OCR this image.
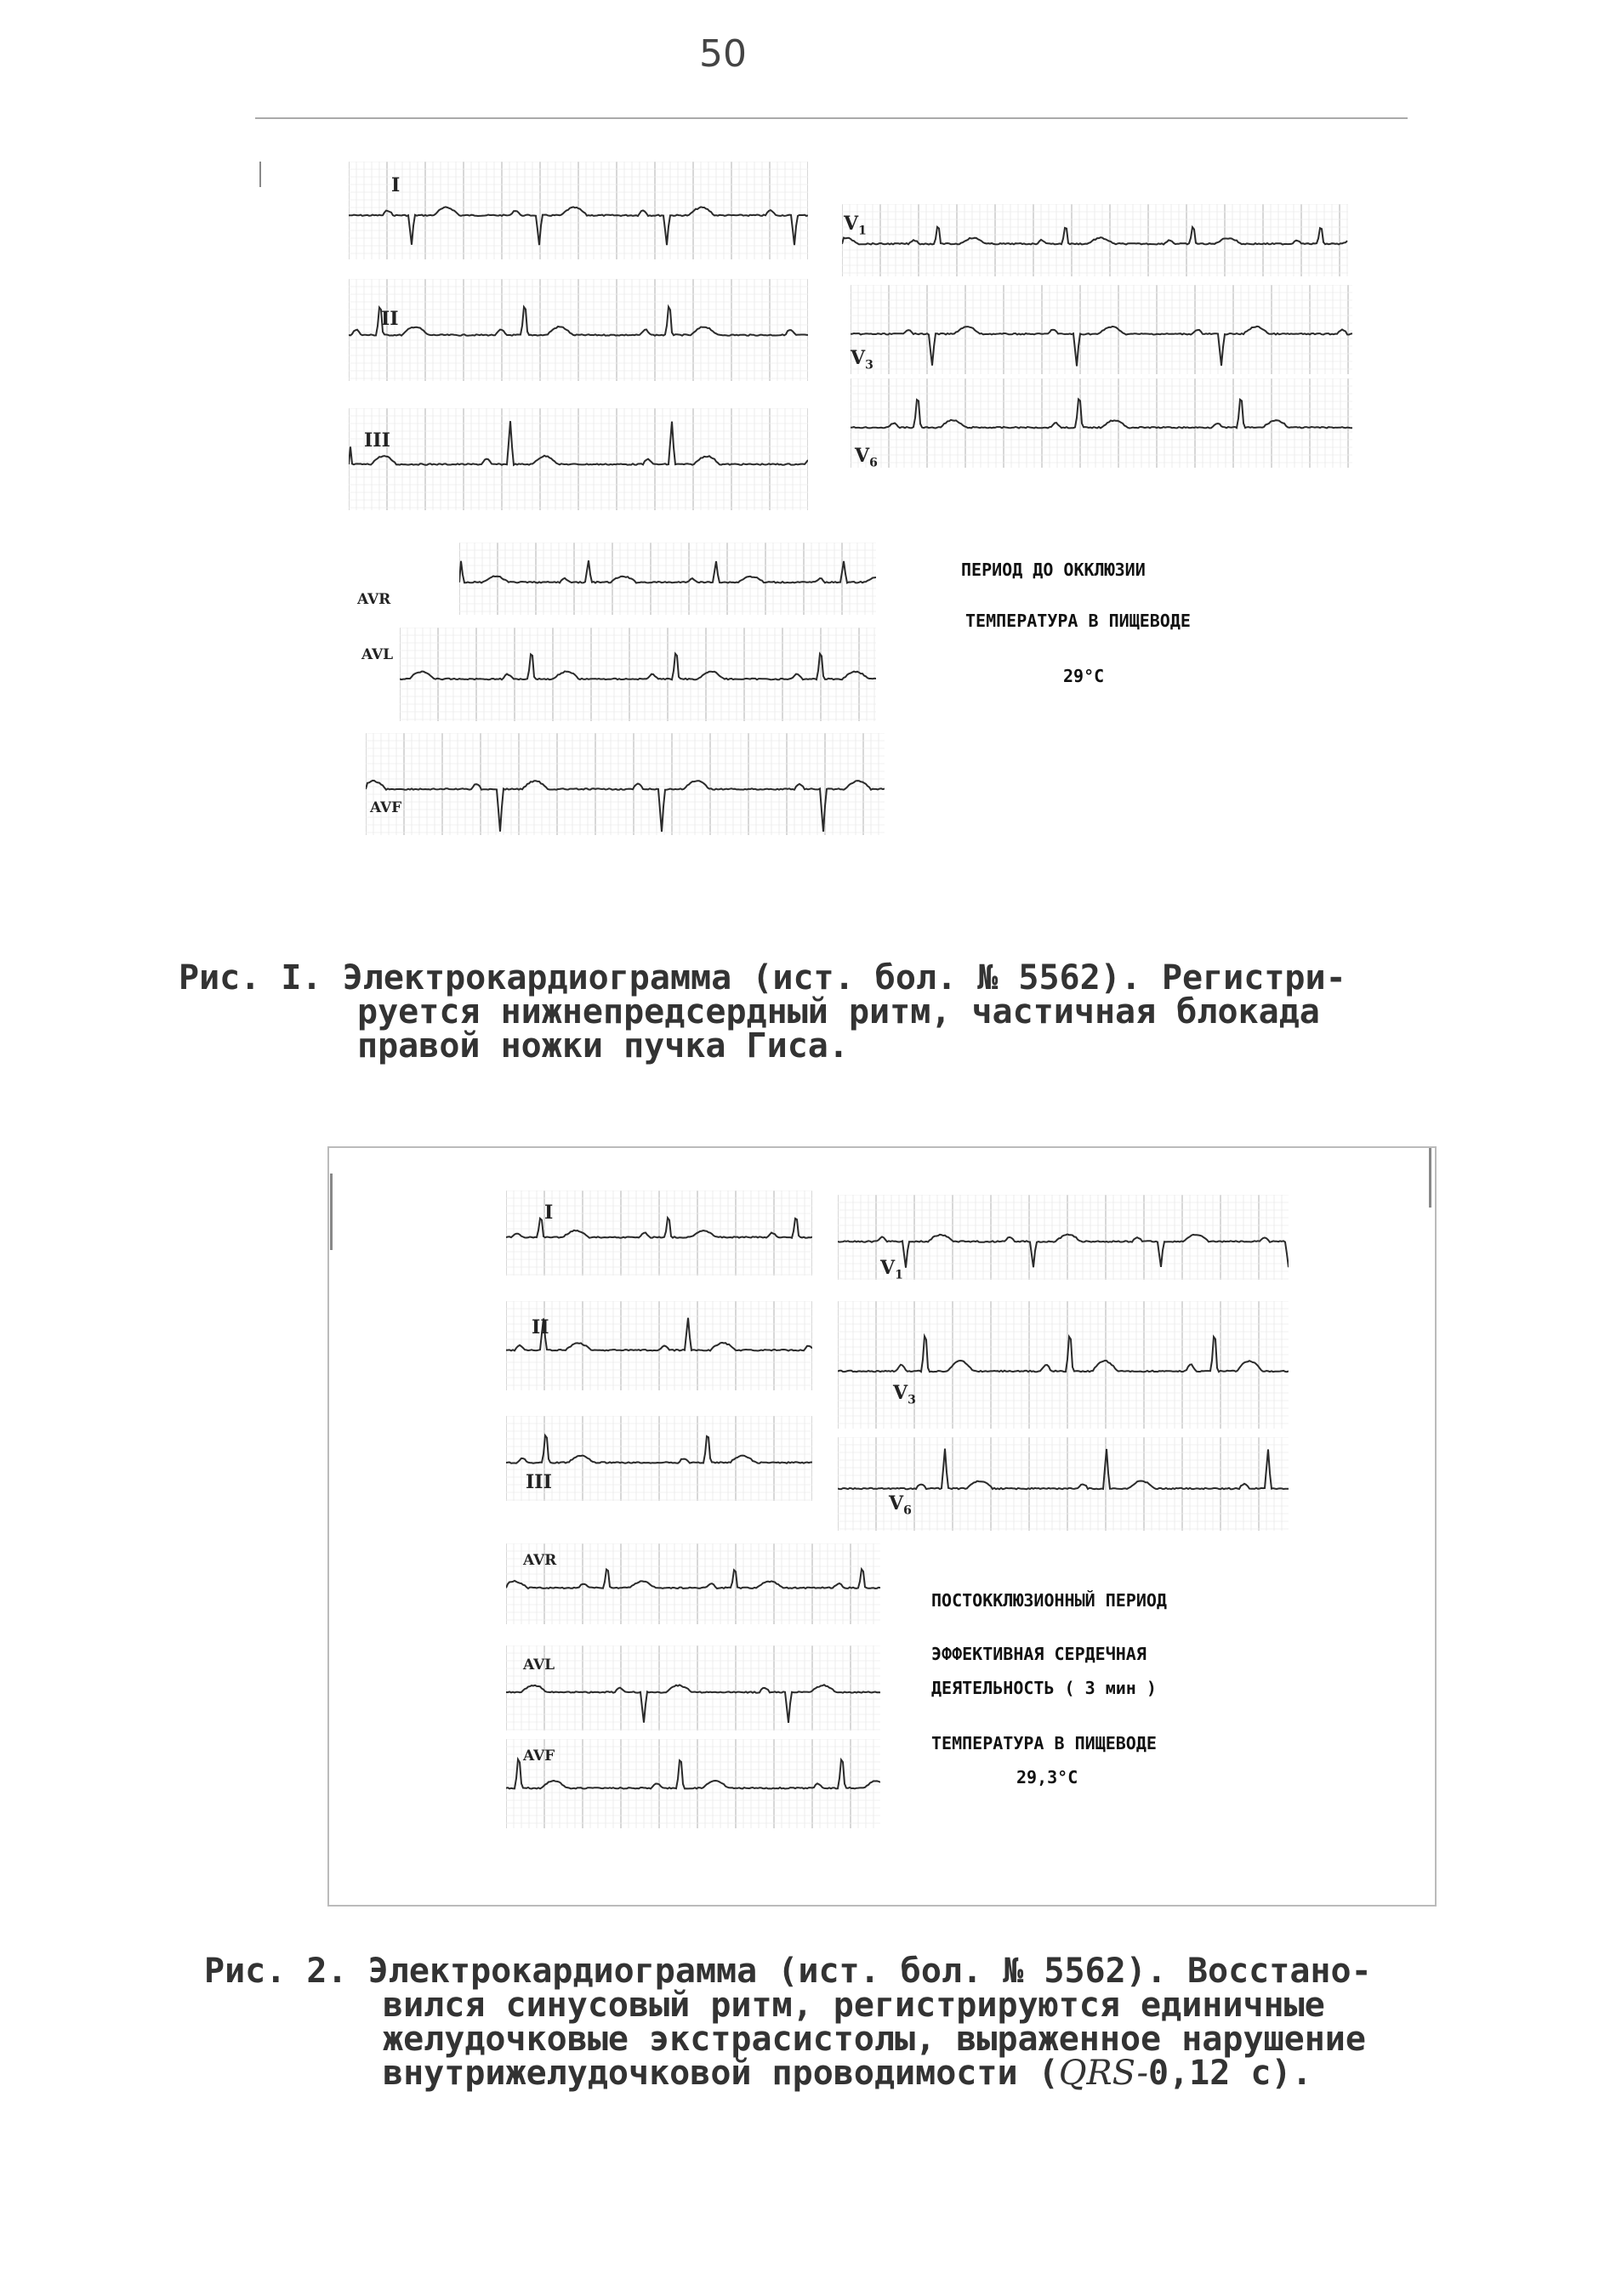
50
I
II
III
$V_1$
$V_3$
$V_6$
AVR
AVL
AVF
ПЕРИОД ДО ОККЛЮЗИИ
ТЕМПЕРАТУРА В ПИЩЕВОДЕ
29°C
Рис. I. Электрокардиограмма (ист. бол. № 5562). Регистри-
руется нижнепредсердный ритм, частичная блокада
правой ножки пучка Гиса.
I
II
III
$V_1$
$V_3$
$V_6$
AVR
AVL
AVF
ПОСТОККЛЮЗИОННЫЙ ПЕРИОД
ЭФФЕКТИВНАЯ СЕРДЕЧНАЯ
ДЕЯТЕЛЬНОСТЬ ( 3 мин )
ТЕМПЕРАТУРА В ПИЩЕВОДЕ
29,3°C
Рис. 2. Электрокардиограмма (ист. бол. № 5562). Восстано-
вился синусовый ритм, регистрируются единичные
желудочковые экстрасистолы, выраженное нарушение
внутрижелудочковой проводимости (QRS-0,12 с).
